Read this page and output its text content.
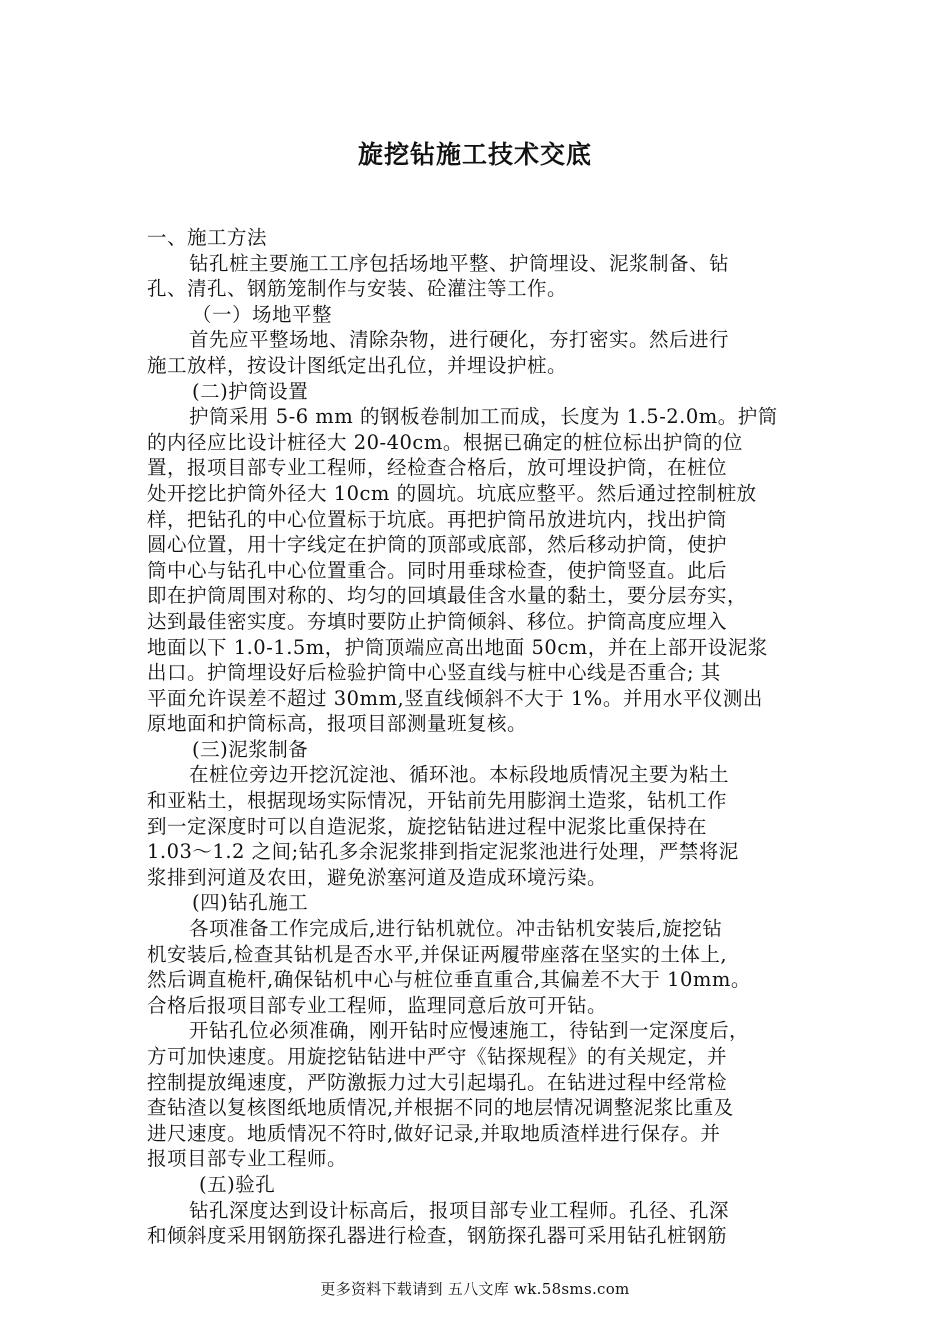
旋挖钻施工技术交底
一、施工方法
钻孔桩主要施工工序包括场地平整、护筒埋设、泥浆制备、钻
孔、清孔、钢筋笼制作与安装、砼灌注等工作。
（一）场地平整
首先应平整场地、清除杂物，进行硬化，夯打密实。然后进行
施工放样，按设计图纸定出孔位，并埋设护桩。
(二)护筒设置
护筒采用 5-6 mm 的钢板卷制加工而成，长度为 1.5-2.0m。护筒
的内径应比设计桩径大 20-40cm。根据已确定的桩位标出护筒的位
置，报项目部专业工程师，经检查合格后，放可埋设护筒，在桩位
处开挖比护筒外径大 10cm 的圆坑。坑底应整平。然后通过控制桩放
样，把钻孔的中心位置标于坑底。再把护筒吊放进坑内，找出护筒
圆心位置，用十字线定在护筒的顶部或底部，然后移动护筒，使护
筒中心与钻孔中心位置重合。同时用垂球检查，使护筒竖直。此后
即在护筒周围对称的、均匀的回填最佳含水量的黏土，要分层夯实，
达到最佳密实度。夯填时要防止护筒倾斜、移位。护筒高度应埋入
地面以下 1.0-1.5m，护筒顶端应高出地面 50cm，并在上部开设泥浆
出口。护筒埋设好后检验护筒中心竖直线与桩中心线是否重合; 其
平面允许误差不超过 30mm,竖直线倾斜不大于 1%。并用水平仪测出
原地面和护筒标高，报项目部测量班复核。
(三)泥浆制备
在桩位旁边开挖沉淀池、循环池。本标段地质情况主要为粘土
和亚粘土，根据现场实际情况，开钻前先用膨润土造浆，钻机工作
到一定深度时可以自造泥浆，旋挖钻钻进过程中泥浆比重保持在
1.03～1.2 之间;钻孔多余泥浆排到指定泥浆池进行处理，严禁将泥
浆排到河道及农田，避免淤塞河道及造成环境污染。
(四)钻孔施工
各项准备工作完成后,进行钻机就位。冲击钻机安装后,旋挖钻
机安装后,检查其钻机是否水平,并保证两履带座落在坚实的土体上,
然后调直桅杆,确保钻机中心与桩位垂直重合,其偏差不大于 10mm。
合格后报项目部专业工程师，监理同意后放可开钻。
开钻孔位必须准确，刚开钻时应慢速施工，待钻到一定深度后，
方可加快速度。用旋挖钻钻进中严守《钻探规程》的有关规定，并
控制提放绳速度，严防激振力过大引起塌孔。在钻进过程中经常检
查钻渣以复核图纸地质情况,并根据不同的地层情况调整泥浆比重及
进尺速度。地质情况不符时,做好记录,并取地质渣样进行保存。并
报项目部专业工程师。
(五)验孔
钻孔深度达到设计标高后，报项目部专业工程师。孔径、孔深
和倾斜度采用钢筋探孔器进行检查，钢筋探孔器可采用钻孔桩钢筋
更多资料下载请到 五八文库 wk.58sms.com
